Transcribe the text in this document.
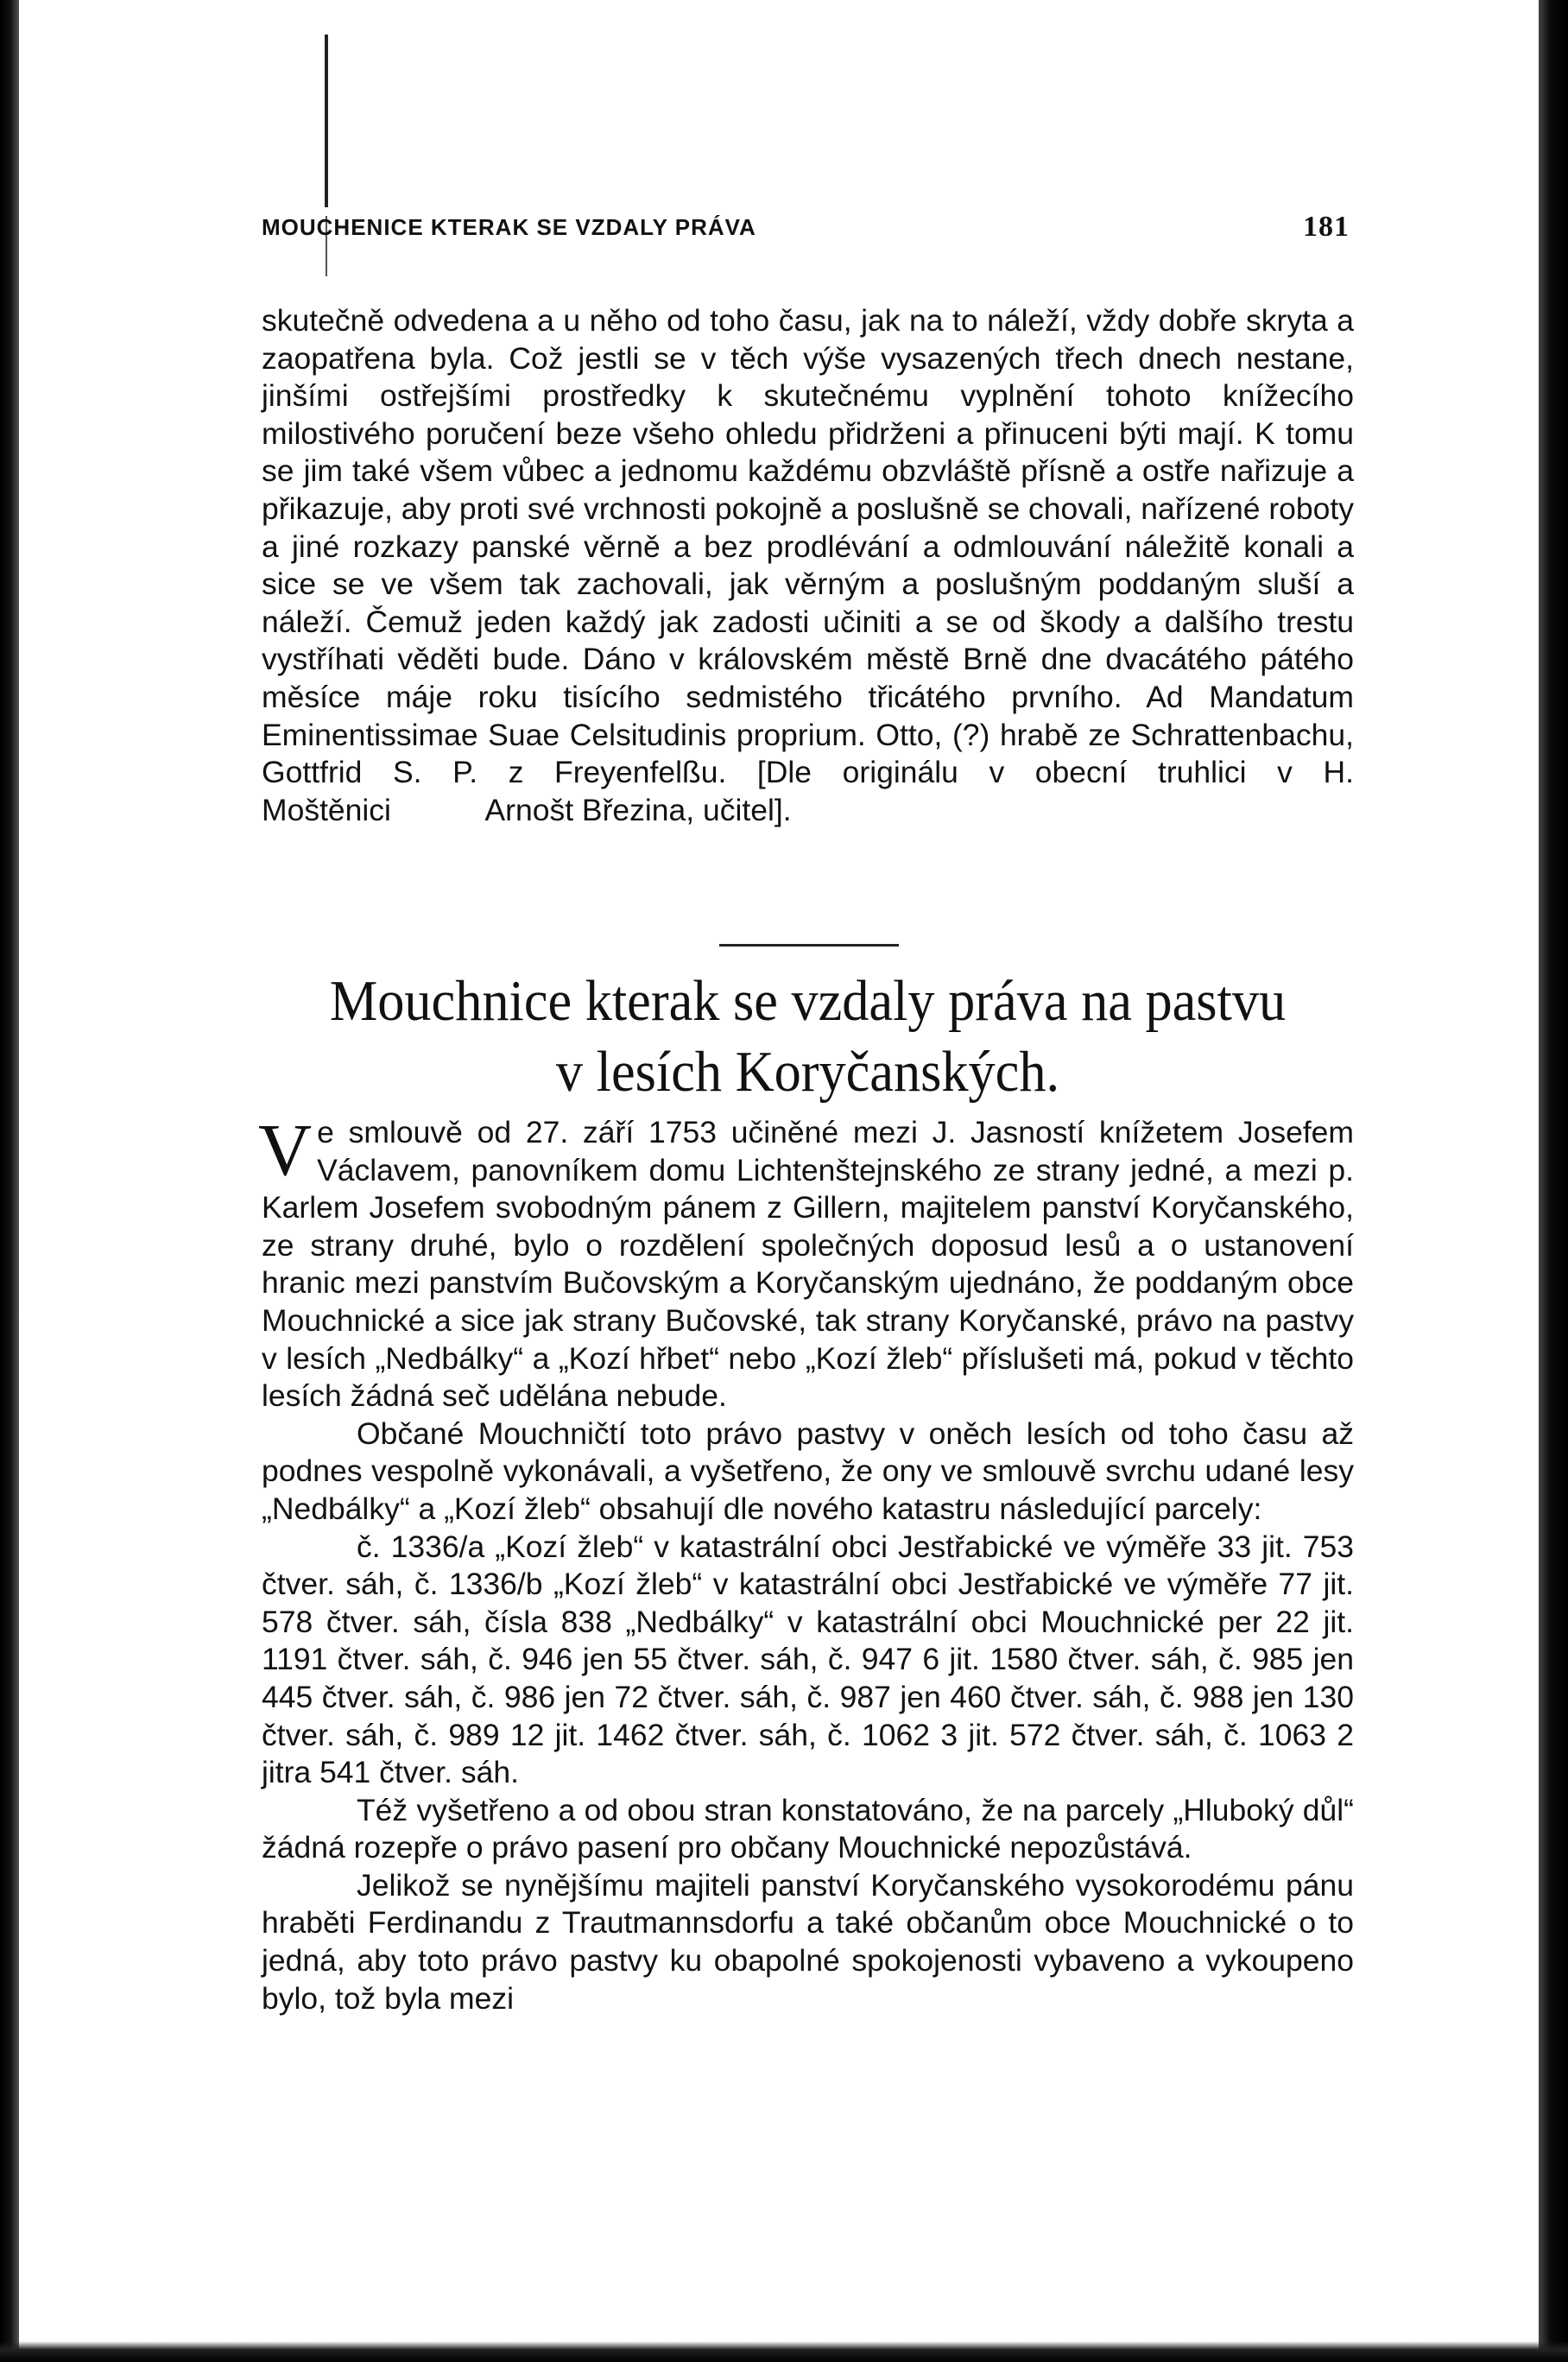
MOUCHENICE KTERAK SE VZDALY PRÁVA	181

skutečně odvedena a u něho od toho času, jak na to náleží, vždy dobře skryta a zaopatřena byla. Což jestli se v těch výše vysazených třech dnech nestane, jinšími ostřejšími prostředky k skutečnému vyplnění tohoto knížecího milostivého poručení beze všeho ohledu přidrženi a přinuceni býti mají. K tomu se jim také všem vůbec a jednomu každému obzvláště přísně a ostře nařizuje a přikazuje, aby proti své vrchnosti pokojně a poslušně se chovali, nařízené roboty a jiné rozkazy panské věrně a bez prodlévání a odmlouvání náležitě konali a sice se ve všem tak zachovali, jak věrným a poslušným poddaným sluší a náleží. Čemuž jeden každý jak zadosti učiniti a se od škody a dalšího trestu vystříhati věděti bude. Dáno v královském městě Brně dne dvacátého pátého měsíce máje roku tisícího sedmistého třicátého prvního. Ad Mandatum Eminentissimae Suae Celsitudinis proprium. Otto, (?) hrabě ze Schrattenbachu, Gottfrid S. P. z Freyenfelßu. [Dle originálu v obecní truhlici v H. Moštěnici	Arnošt Březina, učitel].

Mouchnice kterak se vzdaly práva na pastvu
v lesích Koryčanských.

Ve smlouvě od 27. září 1753 učiněné mezi J. Jasností knížetem Josefem Václavem, panovníkem domu Lichtenštejnského ze strany jedné, a mezi p. Karlem Josefem svobodným pánem z Gillern, majitelem panství Koryčanského, ze strany druhé, bylo o rozdělení společných doposud lesů a o ustanovení hranic mezi panstvím Bučovským a Koryčanským ujednáno, že poddaným obce Mouchnické a sice jak strany Bučovské, tak strany Koryčanské, právo na pastvy v lesích „Nedbálky“ a „Kozí hřbet“ nebo „Kozí žleb“ příslušeti má, pokud v těchto lesích žádná seč udělána nebude.

Občané Mouchničtí toto právo pastvy v oněch lesích od toho času až podnes vespolně vykonávali, a vyšetřeno, že ony ve smlouvě svrchu udané lesy „Nedbálky“ a „Kozí žleb“ obsahují dle nového katastru následující parcely:

č. 1336/a „Kozí žleb“ v katastrální obci Jestřabické ve výměře 33 jit. 753 čtver. sáh, č. 1336/b „Kozí žleb“ v katastrální obci Jestřabické ve výměře 77 jit. 578 čtver. sáh, čísla 838 „Nedbálky“ v katastrální obci Mouchnické per 22 jit. 1191 čtver. sáh, č. 946 jen 55 čtver. sáh, č. 947 6 jit. 1580 čtver. sáh, č. 985 jen 445 čtver. sáh, č. 986 jen 72 čtver. sáh, č. 987 jen 460 čtver. sáh, č. 988 jen 130 čtver. sáh, č. 989 12 jit. 1462 čtver. sáh, č. 1062 3 jit. 572 čtver. sáh, č. 1063 2 jitra 541 čtver. sáh.

Též vyšetřeno a od obou stran konstatováno, že na parcely „Hluboký důl“ žádná rozepře o právo pasení pro občany Mouchnické nepozůstává.

Jelikož se nynějšímu majiteli panství Koryčanského vysokorodému pánu hraběti Ferdinandu z Trautmannsdorfu a také občanům obce Mouchnické o to jedná, aby toto právo pastvy ku obapolné spokojenosti vybaveno a vykoupeno bylo, tož byla mezi
